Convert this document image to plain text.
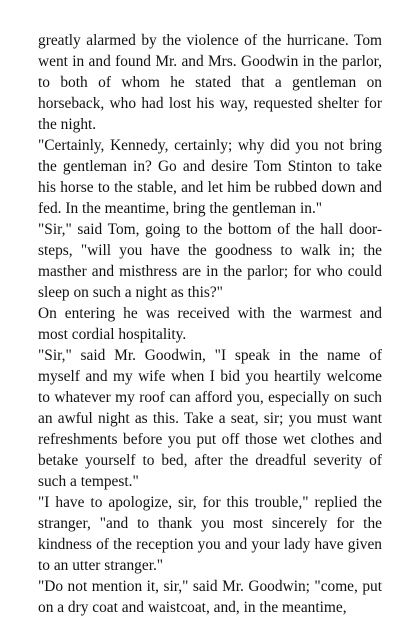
greatly alarmed by the violence of the hurricane. Tom went in and found Mr. and Mrs. Goodwin in the parlor, to both of whom he stated that a gentleman on horseback, who had lost his way, requested shelter for the night.

"Certainly, Kennedy, certainly; why did you not bring the gentleman in? Go and desire Tom Stinton to take his horse to the stable, and let him be rubbed down and fed. In the meantime, bring the gentleman in."

"Sir," said Tom, going to the bottom of the hall door-steps, "will you have the goodness to walk in; the masther and misthress are in the parlor; for who could sleep on such a night as this?"

On entering he was received with the warmest and most cordial hospitality.

"Sir," said Mr. Goodwin, "I speak in the name of myself and my wife when I bid you heartily welcome to whatever my roof can afford you, especially on such an awful night as this. Take a seat, sir; you must want refreshments before you put off those wet clothes and betake yourself to bed, after the dreadful severity of such a tempest."

"I have to apologize, sir, for this trouble," replied the stranger, "and to thank you most sincerely for the kindness of the reception you and your lady have given to an utter stranger."

"Do not mention it, sir," said Mr. Goodwin; "come, put on a dry coat and waistcoat, and, in the meantime,
